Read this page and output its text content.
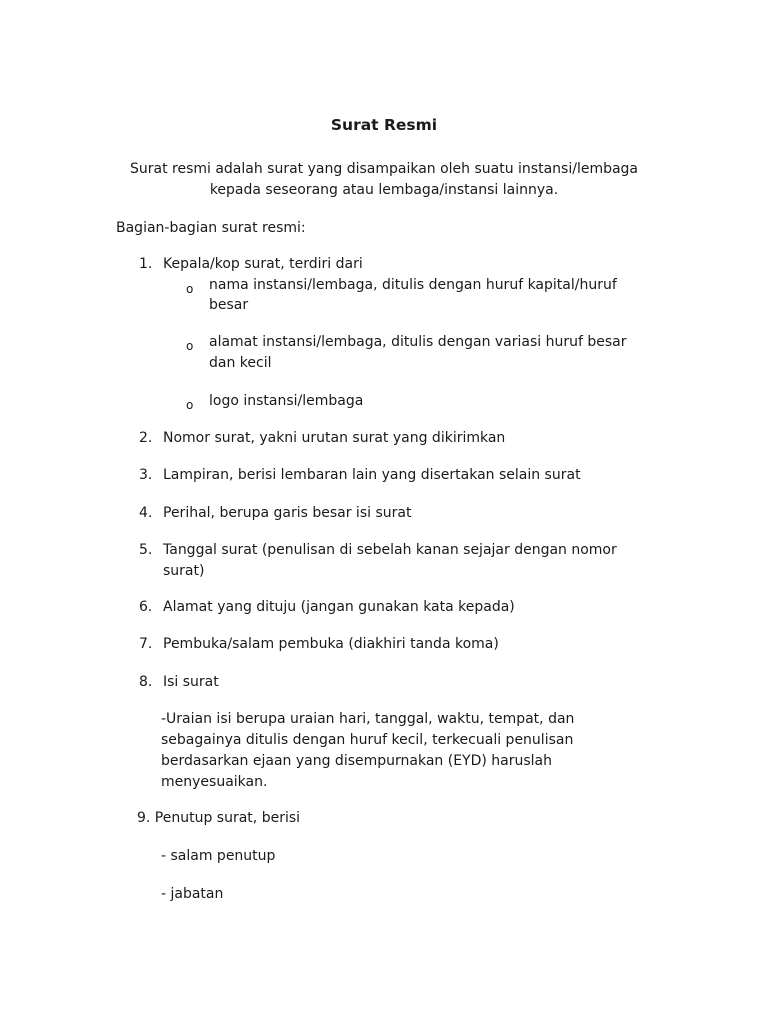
Surat Resmi
Surat resmi adalah surat yang disampaikan oleh suatu instansi/lembaga
kepada seseorang atau lembaga/instansi lainnya.
Bagian-bagian surat resmi:
1. Kepala/kop surat, terdiri dari
o nama instansi/lembaga, ditulis dengan huruf kapital/huruf
besar
o alamat instansi/lembaga, ditulis dengan variasi huruf besar
dan kecil
o logo instansi/lembaga
2. Nomor surat, yakni urutan surat yang dikirimkan
3. Lampiran, berisi lembaran lain yang disertakan selain surat
4. Perihal, berupa garis besar isi surat
5. Tanggal surat (penulisan di sebelah kanan sejajar dengan nomor
surat)
6. Alamat yang dituju (jangan gunakan kata kepada)
7. Pembuka/salam pembuka (diakhiri tanda koma)
8. Isi surat
-Uraian isi berupa uraian hari, tanggal, waktu, tempat, dan
sebagainya ditulis dengan huruf kecil, terkecuali penulisan
berdasarkan ejaan yang disempurnakan (EYD) haruslah
menyesuaikan.
9. Penutup surat, berisi
- salam penutup
- jabatan
